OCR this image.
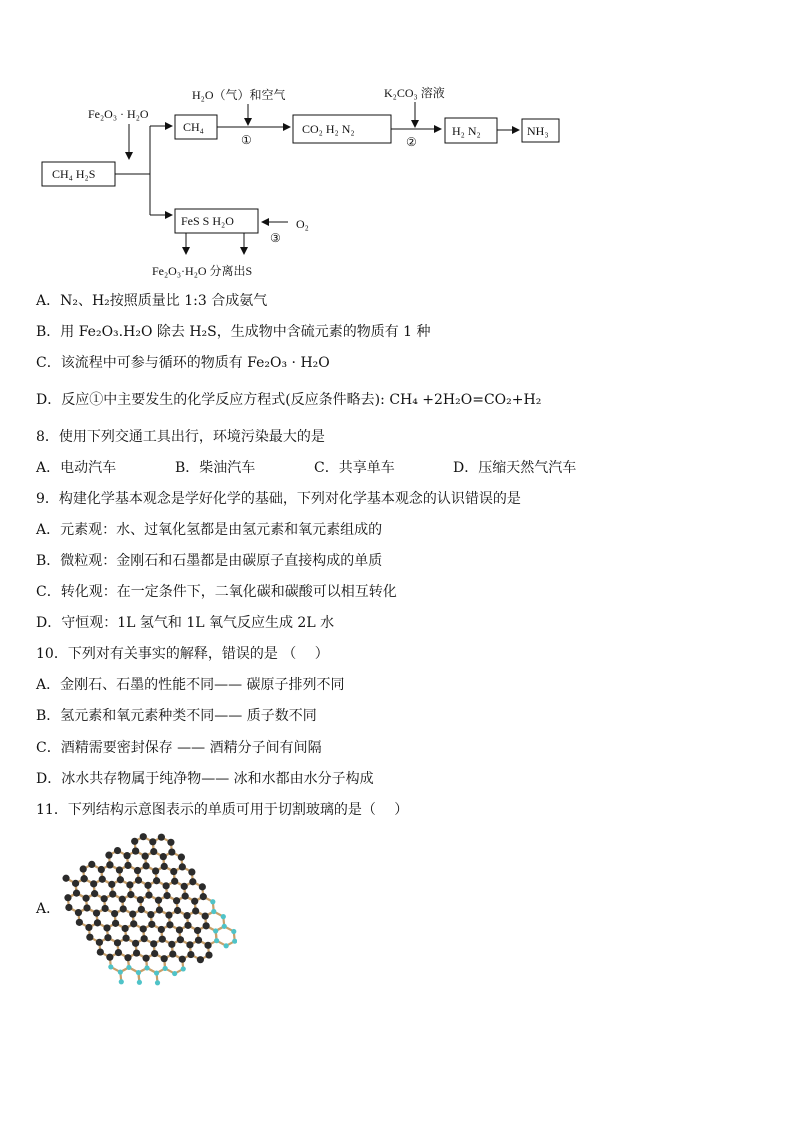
CH₄ H₂S
Fe₂O₃ · H₂O
CH₄
H₂O（气）和空气
①
CO₂ H₂ N₂
K₂CO₃ 溶液
②
H₂ N₂	NH₃
FeS S H₂O	O₂
③
Fe₂O₃·H₂O 分离出S
A．N₂、H₂按照质量比 1:3 合成氨气
B．用 Fe₂O₃.H₂O 除去 H₂S，生成物中含硫元素的物质有 1 种
C．该流程中可参与循环的物质有 Fe₂O₃ · H₂O
D．反应①中主要发生的化学反应方程式(反应条件略去): CH₄ +2H₂O=CO₂+H₂
8．使用下列交通工具出行，环境污染最大的是
A．电动汽车	B．柴油汽车	C．共享单车	D．压缩天然气汽车
9．构建化学基本观念是学好化学的基础，下列对化学基本观念的认识错误的是
A．元素观：水、过氧化氢都是由氢元素和氧元素组成的
B．微粒观：金刚石和石墨都是由碳原子直接构成的单质
C．转化观：在一定条件下，二氧化碳和碳酸可以相互转化
D．守恒观：1L 氢气和 1L 氧气反应生成 2L 水
10．下列对有关事实的解释，错误的是 （　 ）
A．金刚石、石墨的性能不同—— 碳原子排列不同
B．氢元素和氧元素种类不同—— 质子数不同
C．酒精需要密封保存 —— 酒精分子间有间隔
D．冰水共存物属于纯净物—— 冰和水都由水分子构成
11．下列结构示意图表示的单质可用于切割玻璃的是（　 ）
A．
